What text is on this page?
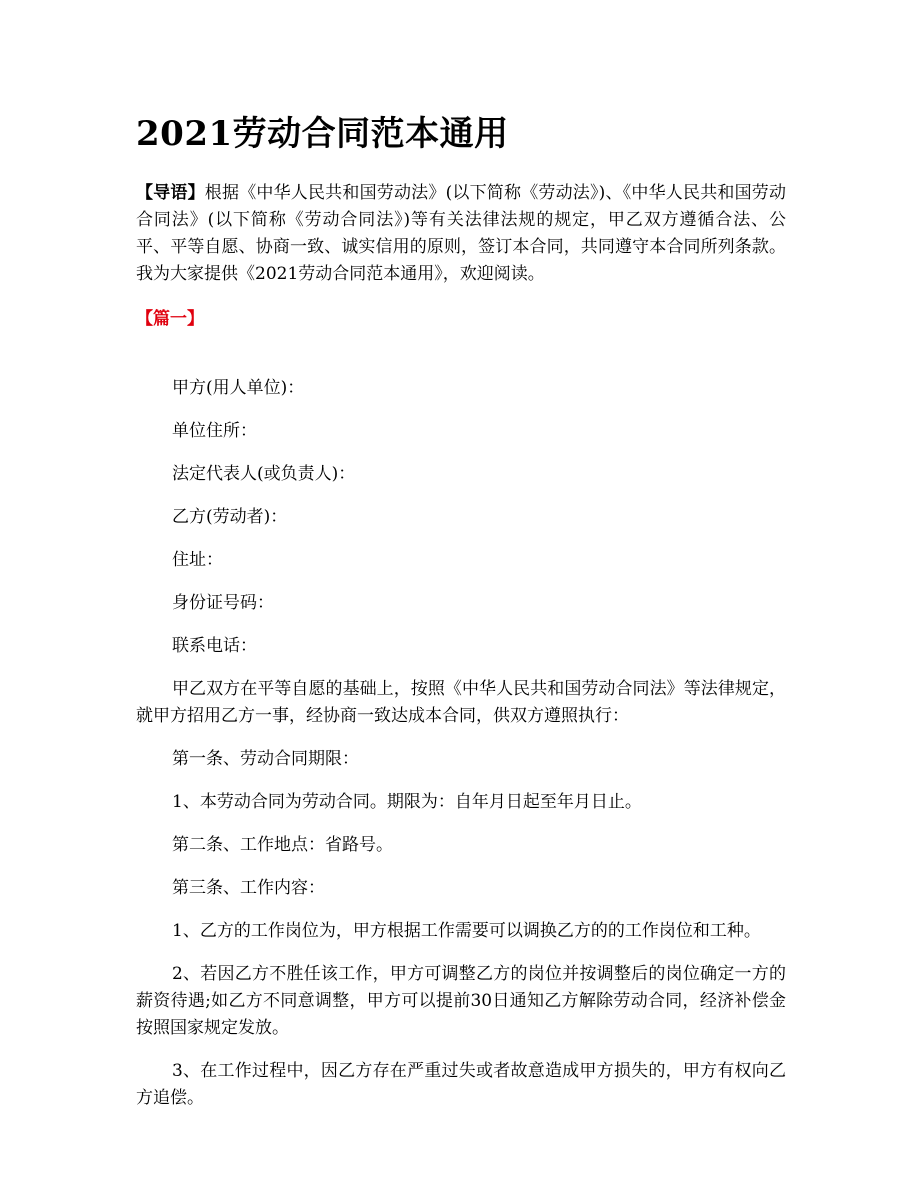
2021劳动合同范本通用

【导语】根据《中华人民共和国劳动法》(以下简称《劳动法》)、《中华人民共和国劳动合同法》(以下简称《劳动合同法》)等有关法律法规的规定，甲乙双方遵循合法、公平、平等自愿、协商一致、诚实信用的原则，签订本合同，共同遵守本合同所列条款。我为大家提供《2021劳动合同范本通用》，欢迎阅读。

【篇一】

甲方(用人单位)：

单位住所：

法定代表人(或负责人)：

乙方(劳动者)：

住址：

身份证号码：

联系电话：

甲乙双方在平等自愿的基础上，按照《中华人民共和国劳动合同法》等法律规定，就甲方招用乙方一事，经协商一致达成本合同，供双方遵照执行：

第一条、劳动合同期限：

1、本劳动合同为劳动合同。期限为：自年月日起至年月日止。

第二条、工作地点：省路号。

第三条、工作内容：

1、乙方的工作岗位为，甲方根据工作需要可以调换乙方的的工作岗位和工种。

2、若因乙方不胜任该工作，甲方可调整乙方的岗位并按调整后的岗位确定一方的薪资待遇;如乙方不同意调整，甲方可以提前30日通知乙方解除劳动合同，经济补偿金按照国家规定发放。

3、在工作过程中，因乙方存在严重过失或者故意造成甲方损失的，甲方有权向乙方追偿。
